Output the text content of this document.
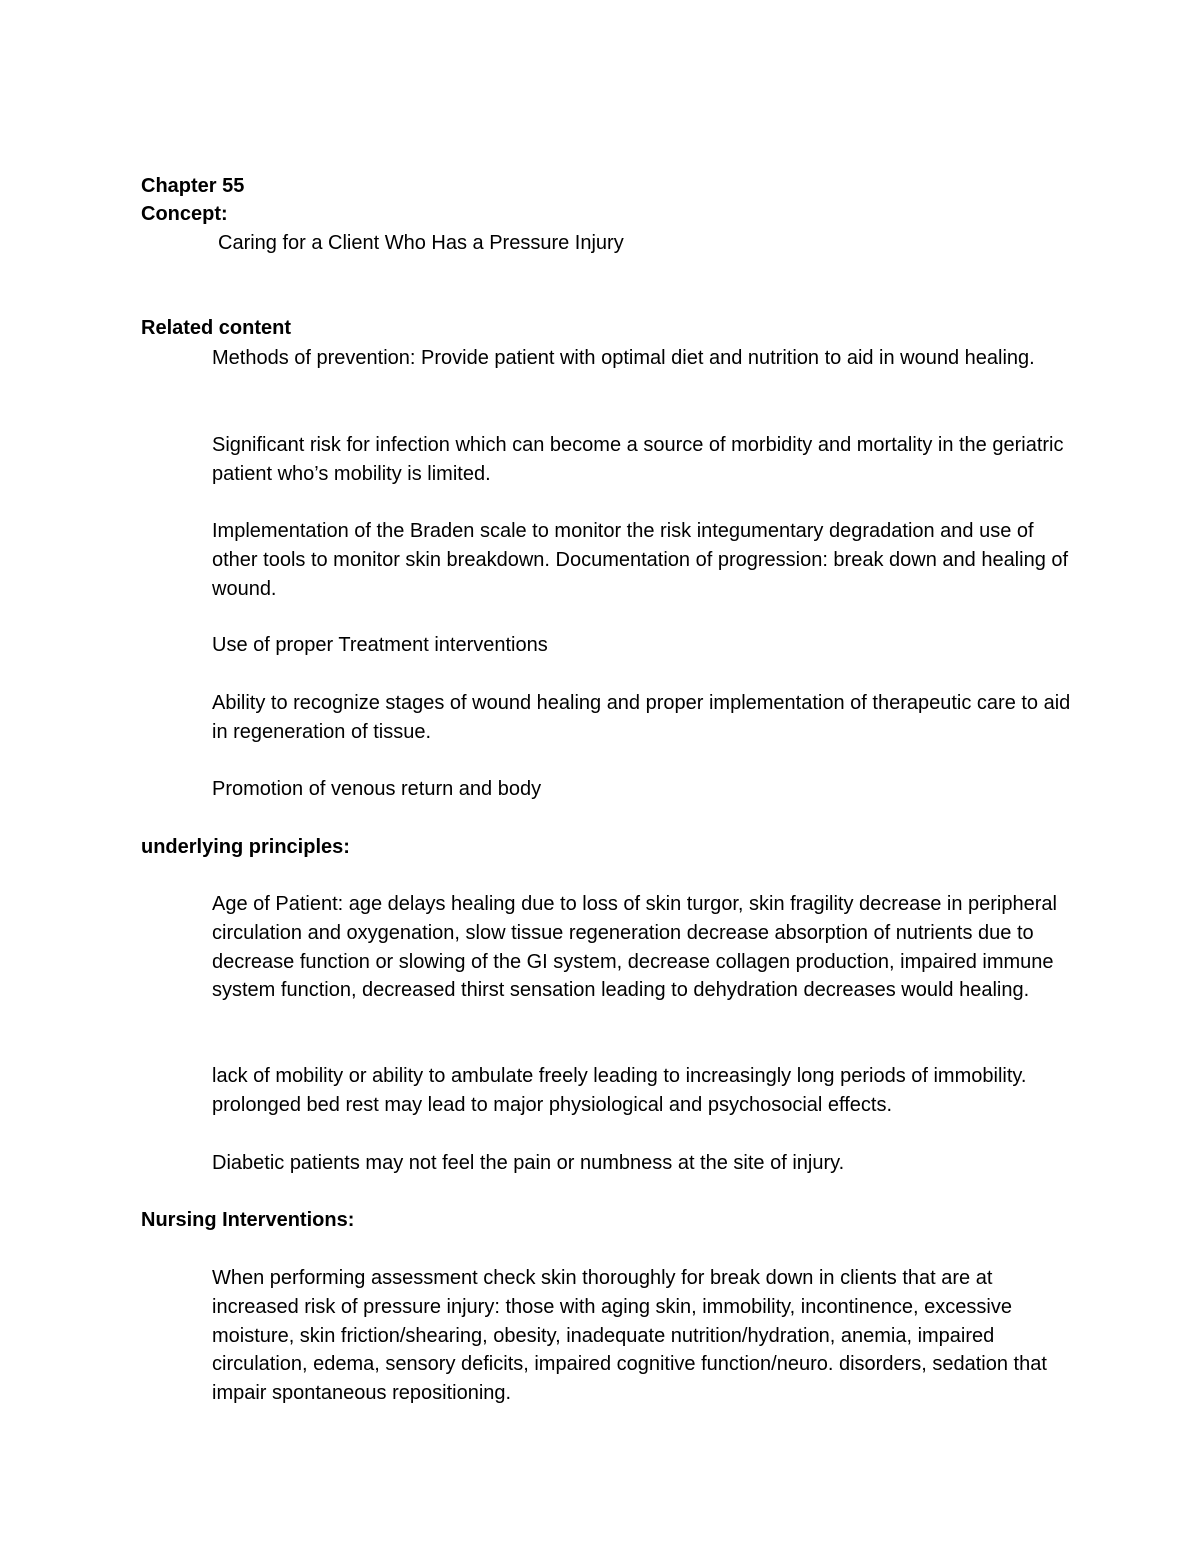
Chapter 55
Concept:
Caring for a Client Who Has a Pressure Injury
Related content

Methods of prevention: Provide patient with optimal diet and nutrition to aid in wound healing.

Significant risk for infection which can become a source of morbidity and mortality in the geriatric patient who’s mobility is limited.

Implementation of the Braden scale to monitor the risk integumentary degradation and use of other tools to monitor skin breakdown. Documentation of progression: break down and healing of wound.

Use of proper Treatment interventions

Ability to recognize stages of wound healing and proper implementation of therapeutic care to aid in regeneration of tissue.

Promotion of venous return and body

underlying principles:

Age of Patient: age delays healing due to loss of skin turgor, skin fragility decrease in peripheral circulation and oxygenation, slow tissue regeneration decrease absorption of nutrients due to decrease function or slowing of the GI system, decrease collagen production, impaired immune system function, decreased thirst sensation leading to dehydration decreases would healing.

lack of mobility or ability to ambulate freely leading to increasingly long periods of immobility. prolonged bed rest may lead to major physiological and psychosocial effects.

Diabetic patients may not feel the pain or numbness at the site of injury.

Nursing Interventions:

When performing assessment check skin thoroughly for break down in clients that are at increased risk of pressure injury: those with aging skin, immobility, incontinence, excessive moisture, skin friction/shearing, obesity, inadequate nutrition/hydration, anemia, impaired circulation, edema, sensory deficits, impaired cognitive function/neuro. disorders, sedation that impair spontaneous repositioning.
